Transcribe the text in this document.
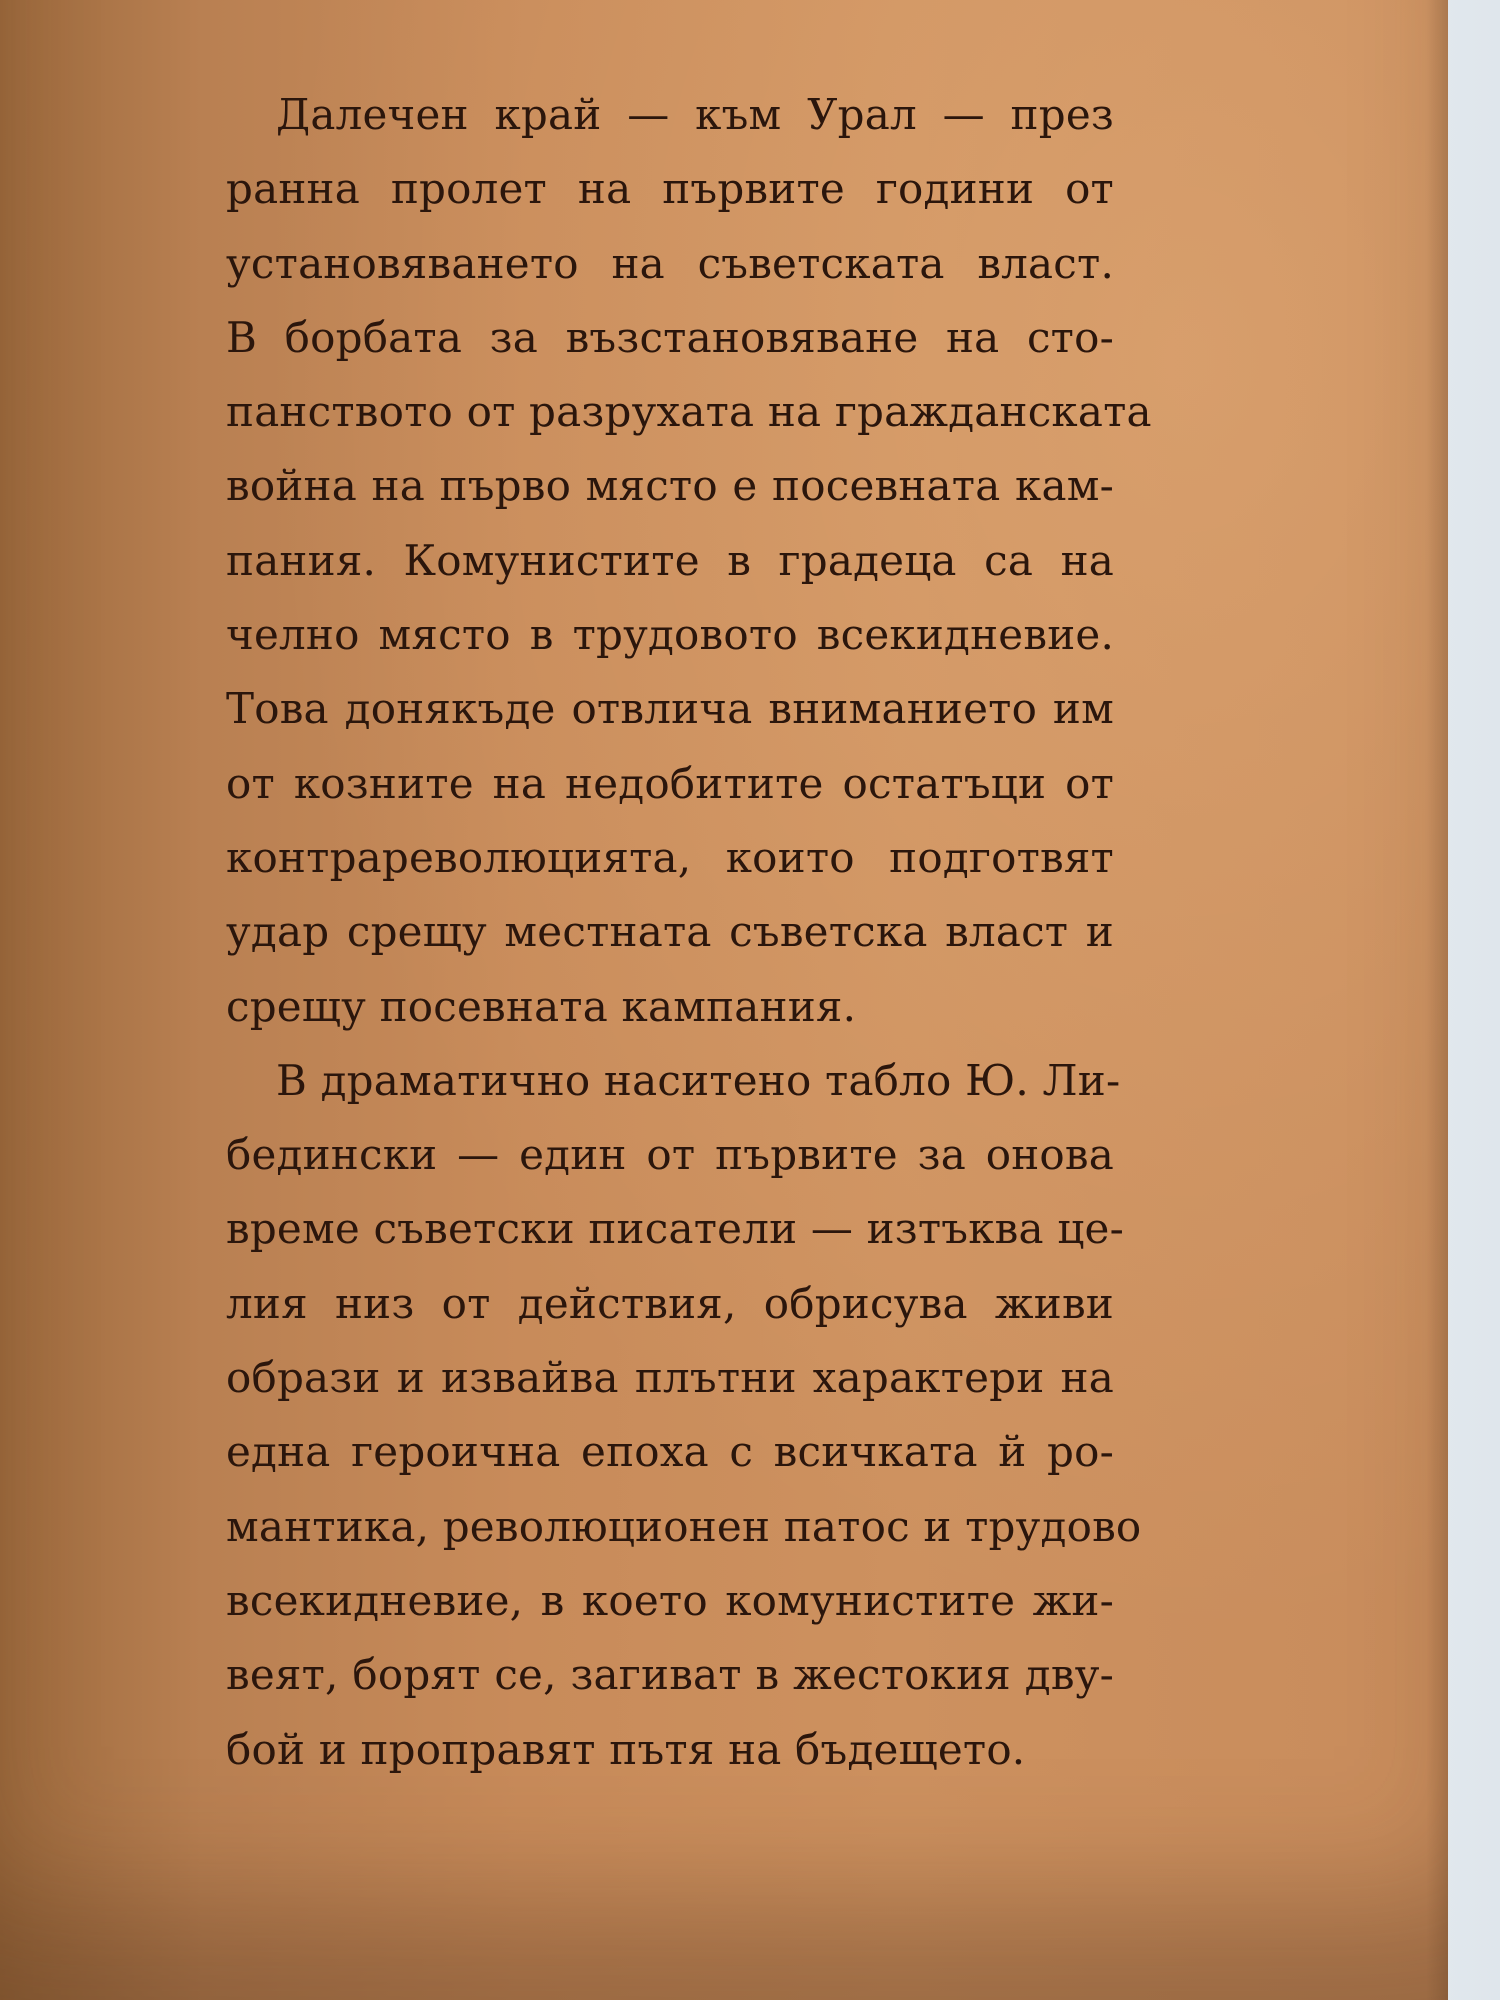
Далечен край — към Урал — през
ранна пролет на първите години от
установяването на съветската власт.
В борбата за възстановяване на сто-
панството от разрухата на гражданската
война на първо място е посевната кам-
пания. Комунистите в градеца са на
челно място в трудовото всекидневие.
Това донякъде отвлича вниманието им
от козните на недобитите остатъци от
контрареволюцията, които подготвят
удар срещу местната съветска власт и
срещу посевната кампания.
В драматично наситено табло Ю. Ли-
бедински — един от първите за онова
време съветски писатели — изтъква це-
лия низ от действия, обрисува живи
образи и извайва плътни характери на
една героична епоха с всичката й ро-
мантика, революционен патос и трудово
всекидневие, в което комунистите жи-
веят, борят се, загиват в жестокия дву-
бой и проправят пътя на бъдещето.
